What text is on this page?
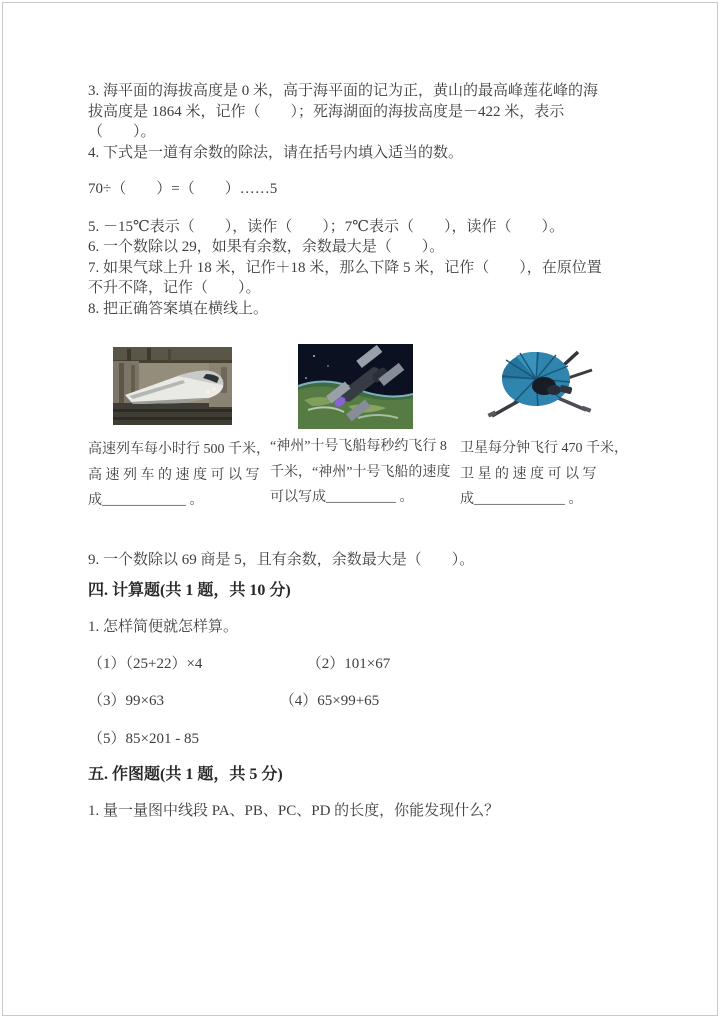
3. 海平面的海拔高度是 0 米，高于海平面的记为正，黄山的最高峰莲花峰的海

拔高度是 1864 米，记作（　　）；死海湖面的海拔高度是－422 米，表示

（　　）。

4. 下式是一道有余数的除法，请在括号内填入适当的数。

70÷（　　）=（　　）……5

5. －15℃表示（　　），读作（　　）；7℃表示（　　），读作（　　）。

6. 一个数除以 29，如果有余数，余数最大是（　　）。

7. 如果气球上升 18 米，记作＋18 米，那么下降 5 米，记作（　　），在原位置

不升不降，记作（　　）。

8. 把正确答案填在横线上。

高速列车每小时行 500 千米，

高 速 列 车 的 速 度 可 以 写

成____________ 。

“神州”十号飞船每秒约飞行 8

千米，“神州”十号飞船的速度

可以写成__________ 。

卫星每分钟飞行 470 千米，

卫 星 的 速 度 可 以 写

成_____________ 。

9. 一个数除以 69 商是 5，且有余数，余数最大是（　　）。

四. 计算题(共 1 题，共 10 分)

1. 怎样简便就怎样算。

（1）（25+22）×4	（2）101×67
（3）99×63	（4）65×99+65
（5）85×201 - 85
五. 作图题(共 1 题，共 5 分)

1. 量一量图中线段 PA、PB、PC、PD 的长度，你能发现什么？
